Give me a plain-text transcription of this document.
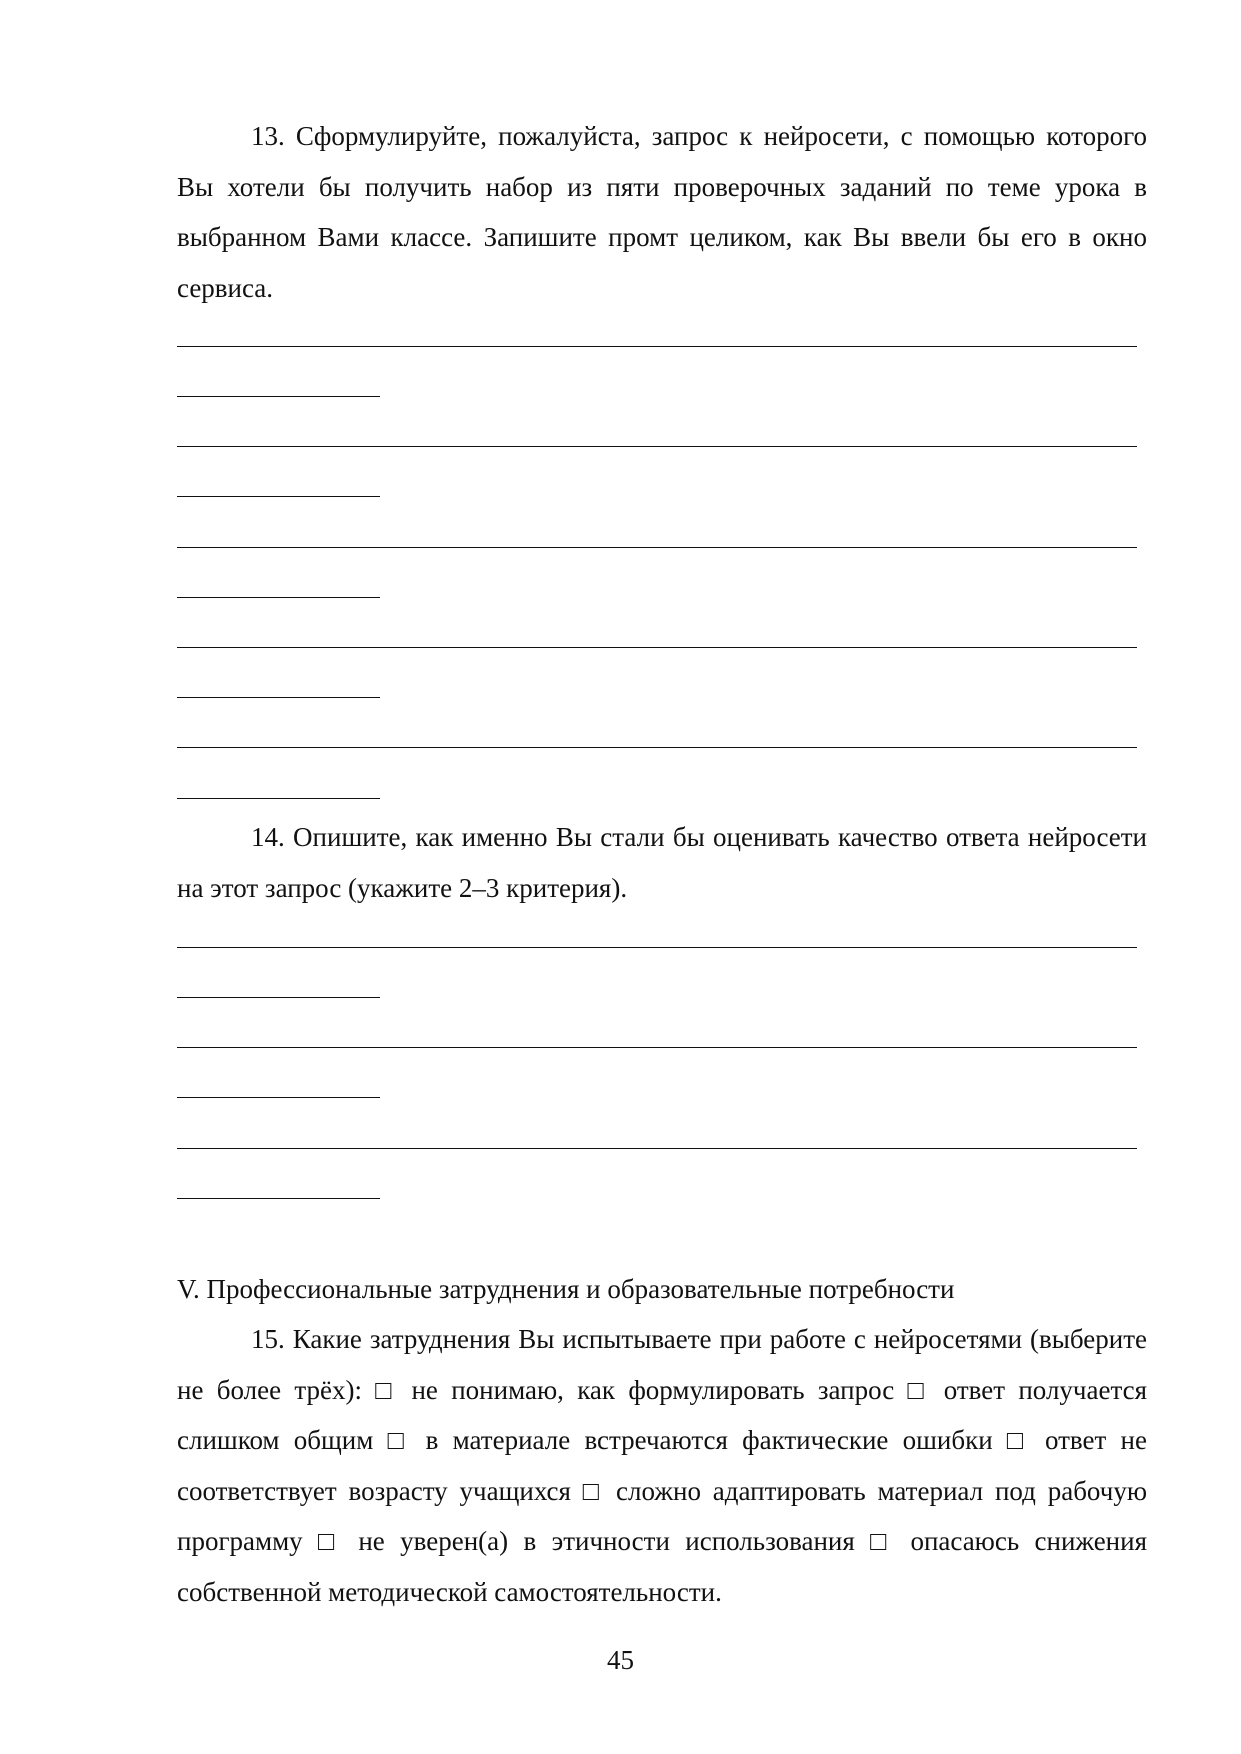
13. Сформулируйте, пожалуйста, запрос к нейросети, с помощью которого Вы хотели бы получить набор из пяти проверочных заданий по теме урока в выбранном Вами классе. Запишите промт целиком, как Вы ввели бы его в окно сервиса.

14. Опишите, как именно Вы стали бы оценивать качество ответа нейросети на этот запрос (укажите 2–3 критерия).

V. Профессиональные затруднения и образовательные потребности

15. Какие затруднения Вы испытываете при работе с нейросетями (выберите не более трёх): □ не понимаю, как формулировать запрос □ ответ получается слишком общим □ в материале встречаются фактические ошибки □ ответ не соответствует возрасту учащихся □ сложно адаптировать материал под рабочую программу □ не уверен(а) в этичности использования □ опасаюсь снижения собственной методической самостоятельности.

45
